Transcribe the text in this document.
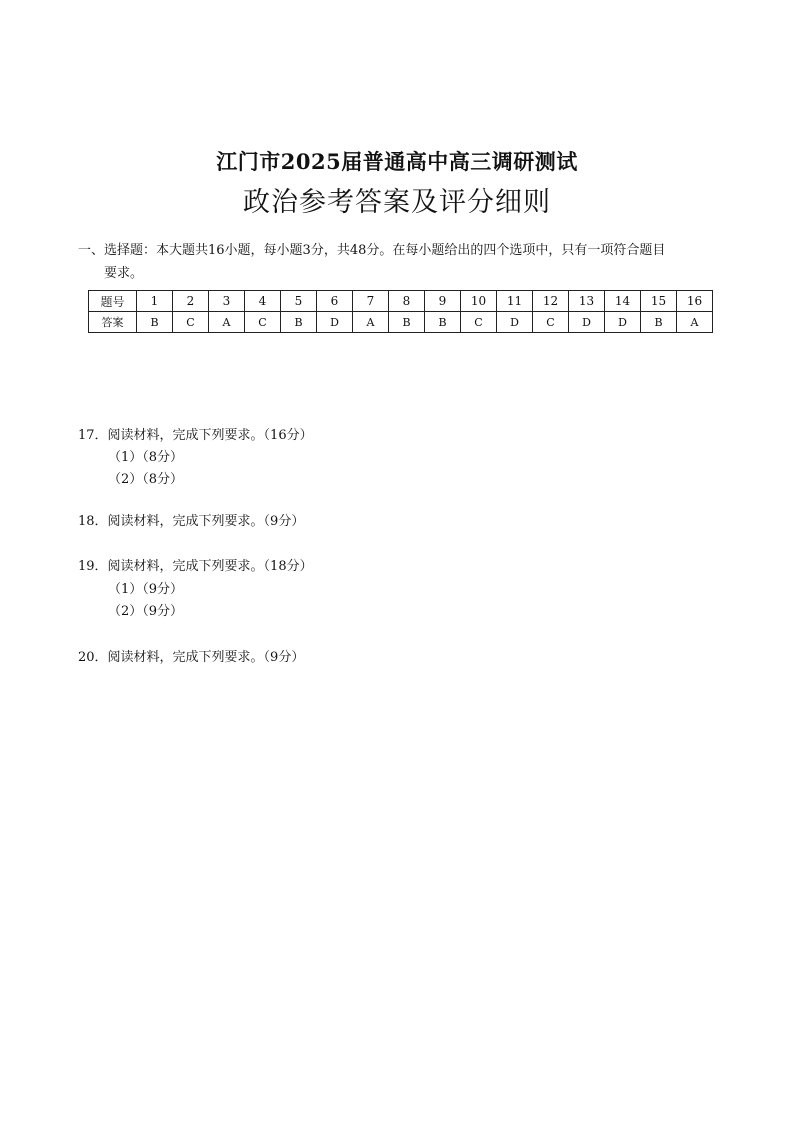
江门市2025届普通高中高三调研测试
政治参考答案及评分细则
一、选择题：本大题共16小题，每小题3分，共48分。在每小题给出的四个选项中，只有一项符合题目
要求。
题号	1	2	3	4	5	6	7	8	9	10	11	12	13	14	15	16
答案	B	C	A	C	B	D	A	B	B	C	D	C	D	D	B	A
17．阅读材料，完成下列要求。（16分）
（1）（8分）
（2）（8分）
18．阅读材料，完成下列要求。（9分）
19．阅读材料，完成下列要求。（18分）
（1）（9分）
（2）（9分）
20．阅读材料，完成下列要求。（9分）
